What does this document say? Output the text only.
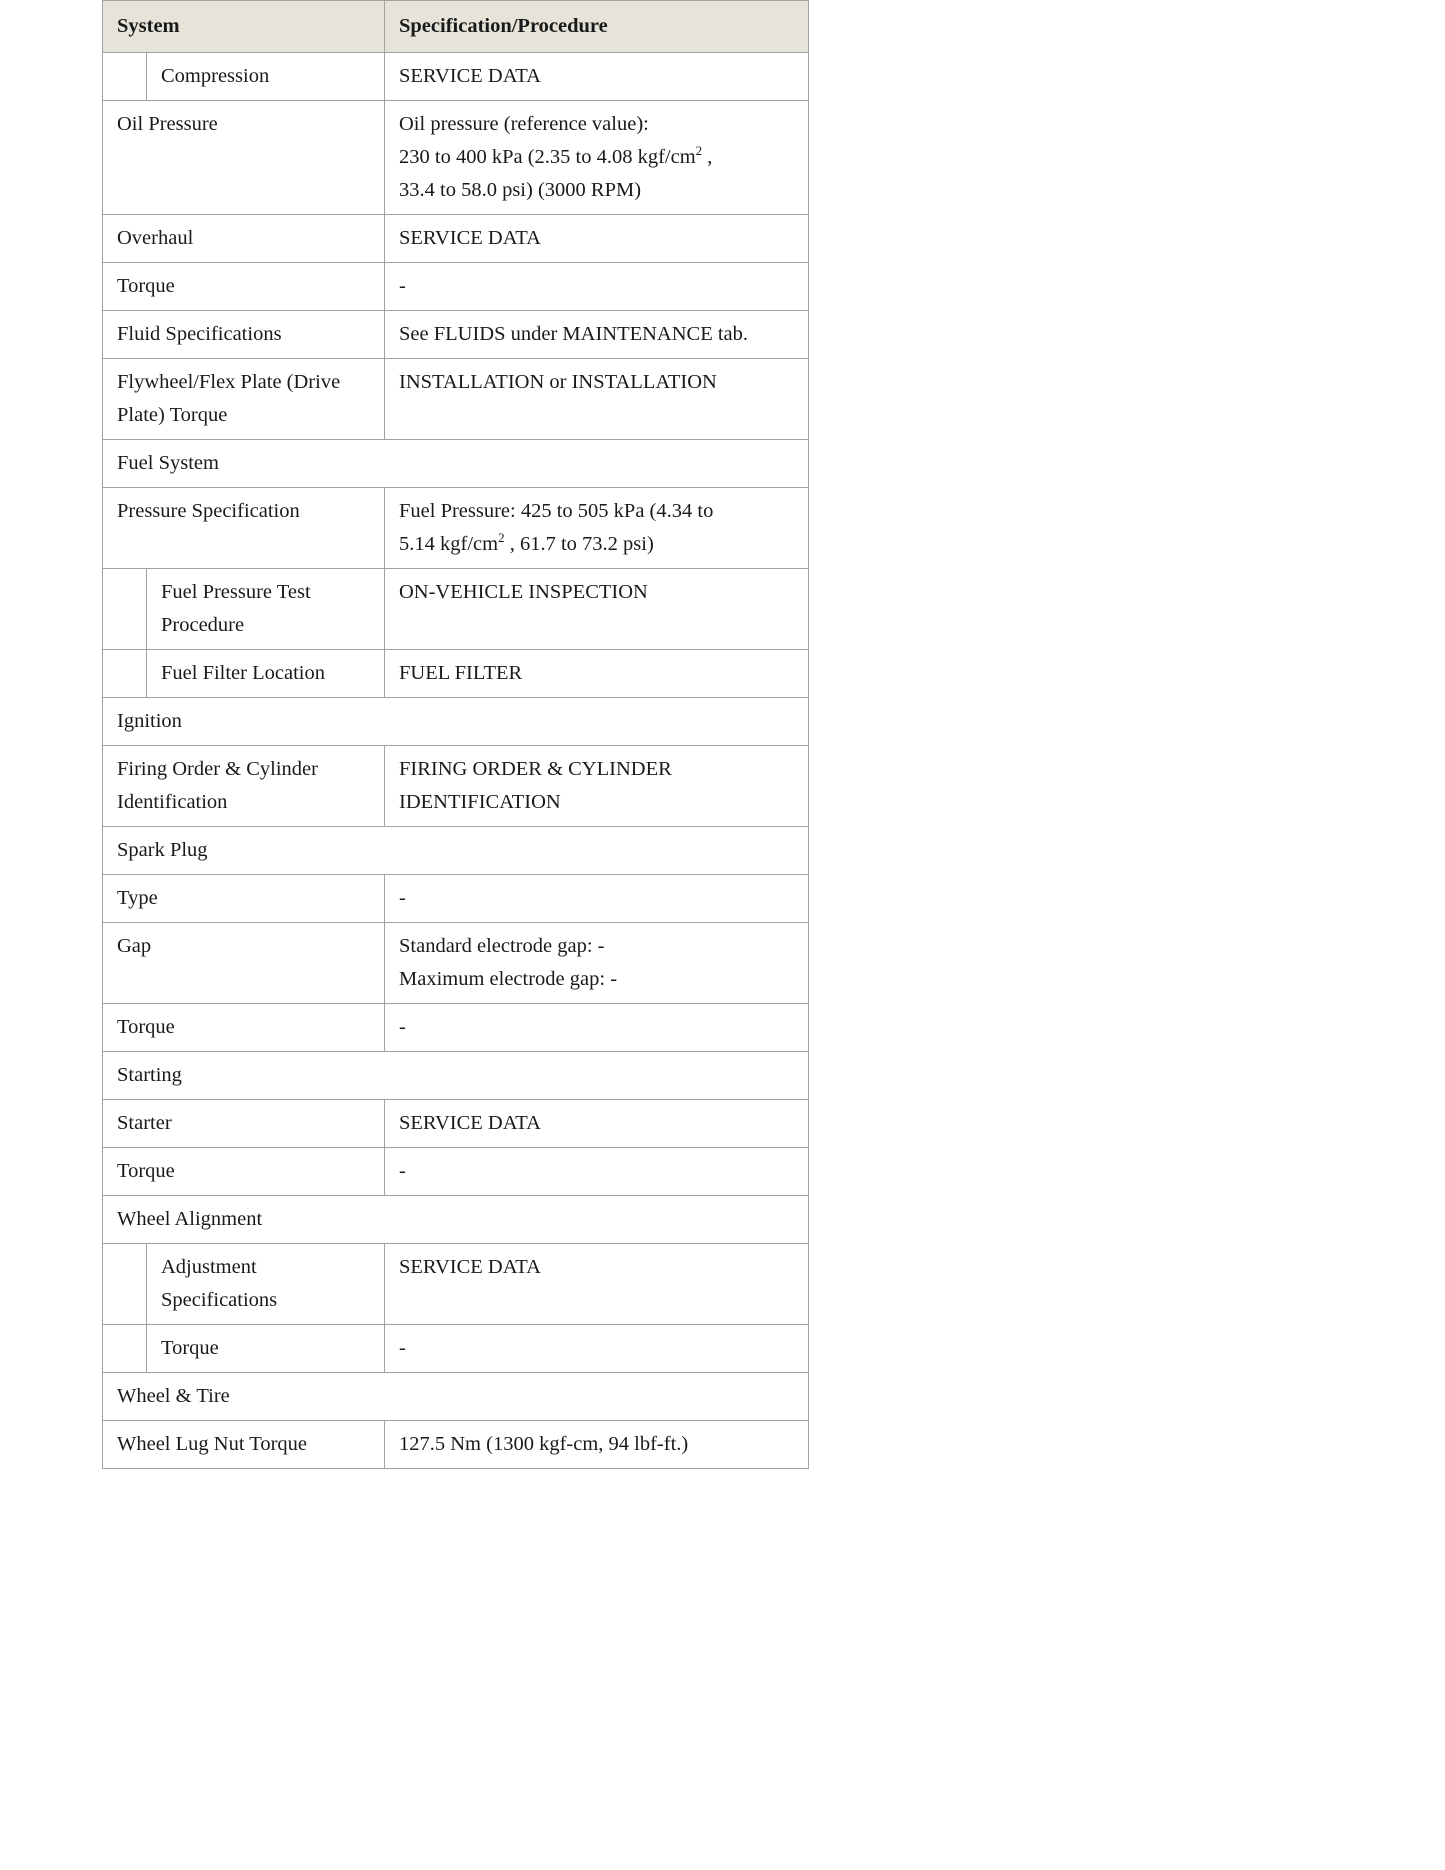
System	Specification/Procedure

Compression	SERVICE DATA
Oil Pressure	Oil pressure (reference value):
230 to 400 kPa (2.35 to 4.08 kgf/$cm^2$ ,
33.4 to 58.0 psi) (3000 RPM)

Overhaul	SERVICE DATA
Torque	-
Fluid Specifications	See FLUIDS under MAINTENANCE tab.
Flywheel/Flex Plate (Drive Plate) Torque	INSTALLATION or INSTALLATION
Fuel System	
Pressure Specification	Fuel Pressure: 425 to 505 kPa (4.34 to
5.14 kgf/$cm^2$ , 61.7 to 73.2 psi)

Fuel Pressure Test Procedure	ON-VEHICLE INSPECTION

Fuel Filter Location	FUEL FILTER
Ignition	
Firing Order & Cylinder Identification	FIRING ORDER & CYLINDER IDENTIFICATION
Spark Plug	
Type	-
Gap	Standard electrode gap: -
Maximum electrode gap: -

Torque	-
Starting	
Starter	SERVICE DATA
Torque	-
Wheel Alignment	

Adjustment Specifications	SERVICE DATA

Torque	-
Wheel & Tire	
Wheel Lug Nut Torque	127.5 Nm (1300 kgf-cm, 94 lbf-ft.)
